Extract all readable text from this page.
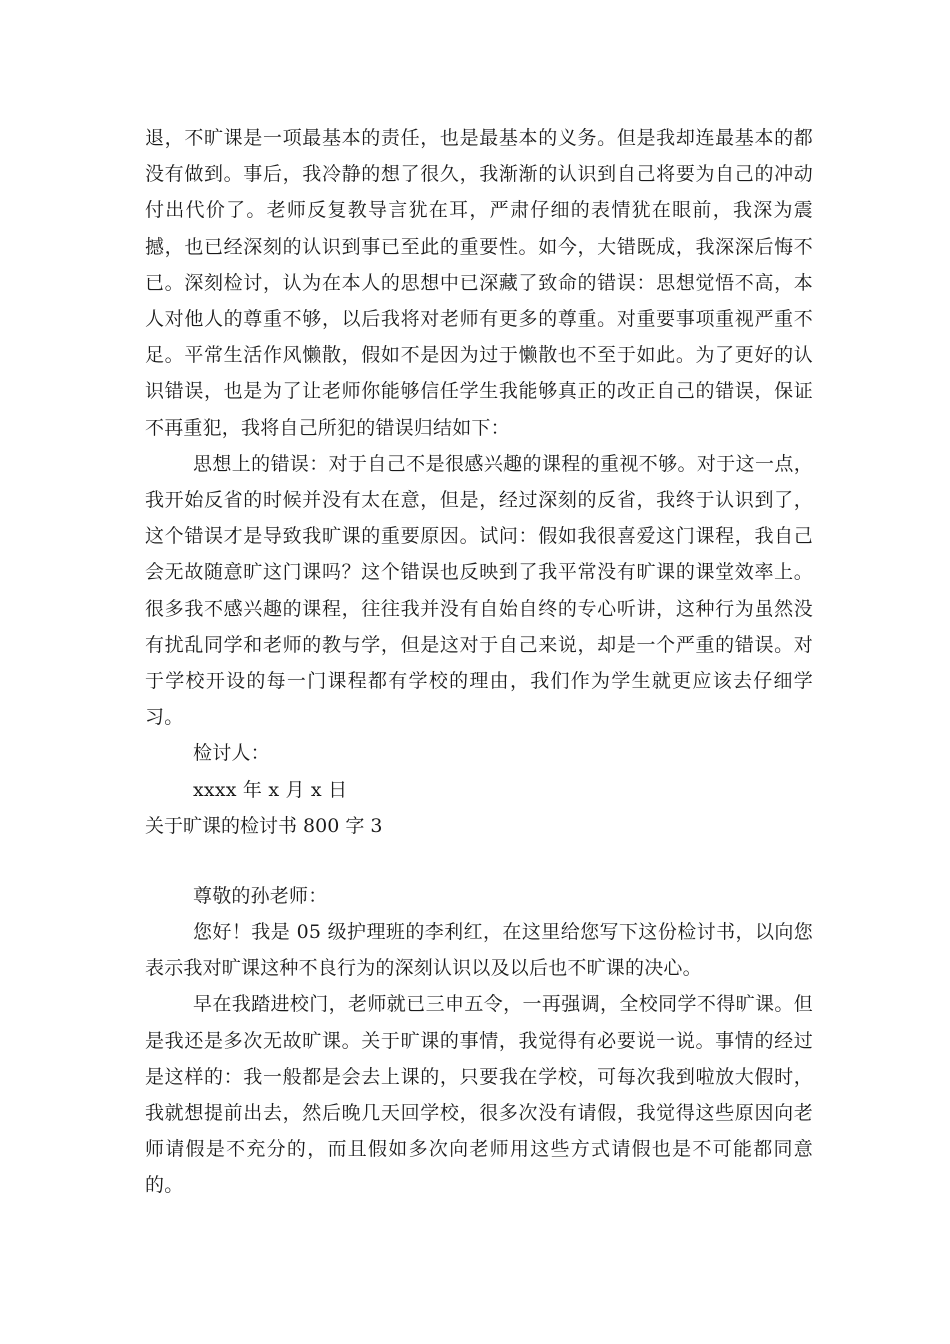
退，不旷课是一项最基本的责任，也是最基本的义务。但是我却连最基本的都没有做到。事后，我冷静的想了很久，我渐渐的认识到自己将要为自己的冲动付出代价了。老师反复教导言犹在耳，严肃仔细的表情犹在眼前，我深为震撼，也已经深刻的认识到事已至此的重要性。如今，大错既成，我深深后悔不已。深刻检讨，认为在本人的思想中已深藏了致命的错误：思想觉悟不高，本人对他人的尊重不够，以后我将对老师有更多的尊重。对重要事项重视严重不足。平常生活作风懒散，假如不是因为过于懒散也不至于如此。为了更好的认识错误，也是为了让老师你能够信任学生我能够真正的改正自己的错误，保证不再重犯，我将自己所犯的错误归结如下：

思想上的错误：对于自己不是很感兴趣的课程的重视不够。对于这一点，我开始反省的时候并没有太在意，但是，经过深刻的反省，我终于认识到了，这个错误才是导致我旷课的重要原因。试问：假如我很喜爱这门课程，我自己会无故随意旷这门课吗？这个错误也反映到了我平常没有旷课的课堂效率上。很多我不感兴趣的课程，往往我并没有自始自终的专心听讲，这种行为虽然没有扰乱同学和老师的教与学，但是这对于自己来说，却是一个严重的错误。对于学校开设的每一门课程都有学校的理由，我们作为学生就更应该去仔细学习。

检讨人：

xxxx 年 x 月 x 日

关于旷课的检讨书 800 字 3

尊敬的孙老师：

您好！我是 05 级护理班的李利红，在这里给您写下这份检讨书，以向您表示我对旷课这种不良行为的深刻认识以及以后也不旷课的决心。

早在我踏进校门，老师就已三申五令，一再强调，全校同学不得旷课。但是我还是多次无故旷课。关于旷课的事情，我觉得有必要说一说。事情的经过是这样的：我一般都是会去上课的，只要我在学校，可每次我到啦放大假时，我就想提前出去，然后晚几天回学校，很多次没有请假，我觉得这些原因向老师请假是不充分的，而且假如多次向老师用这些方式请假也是不可能都同意的。
